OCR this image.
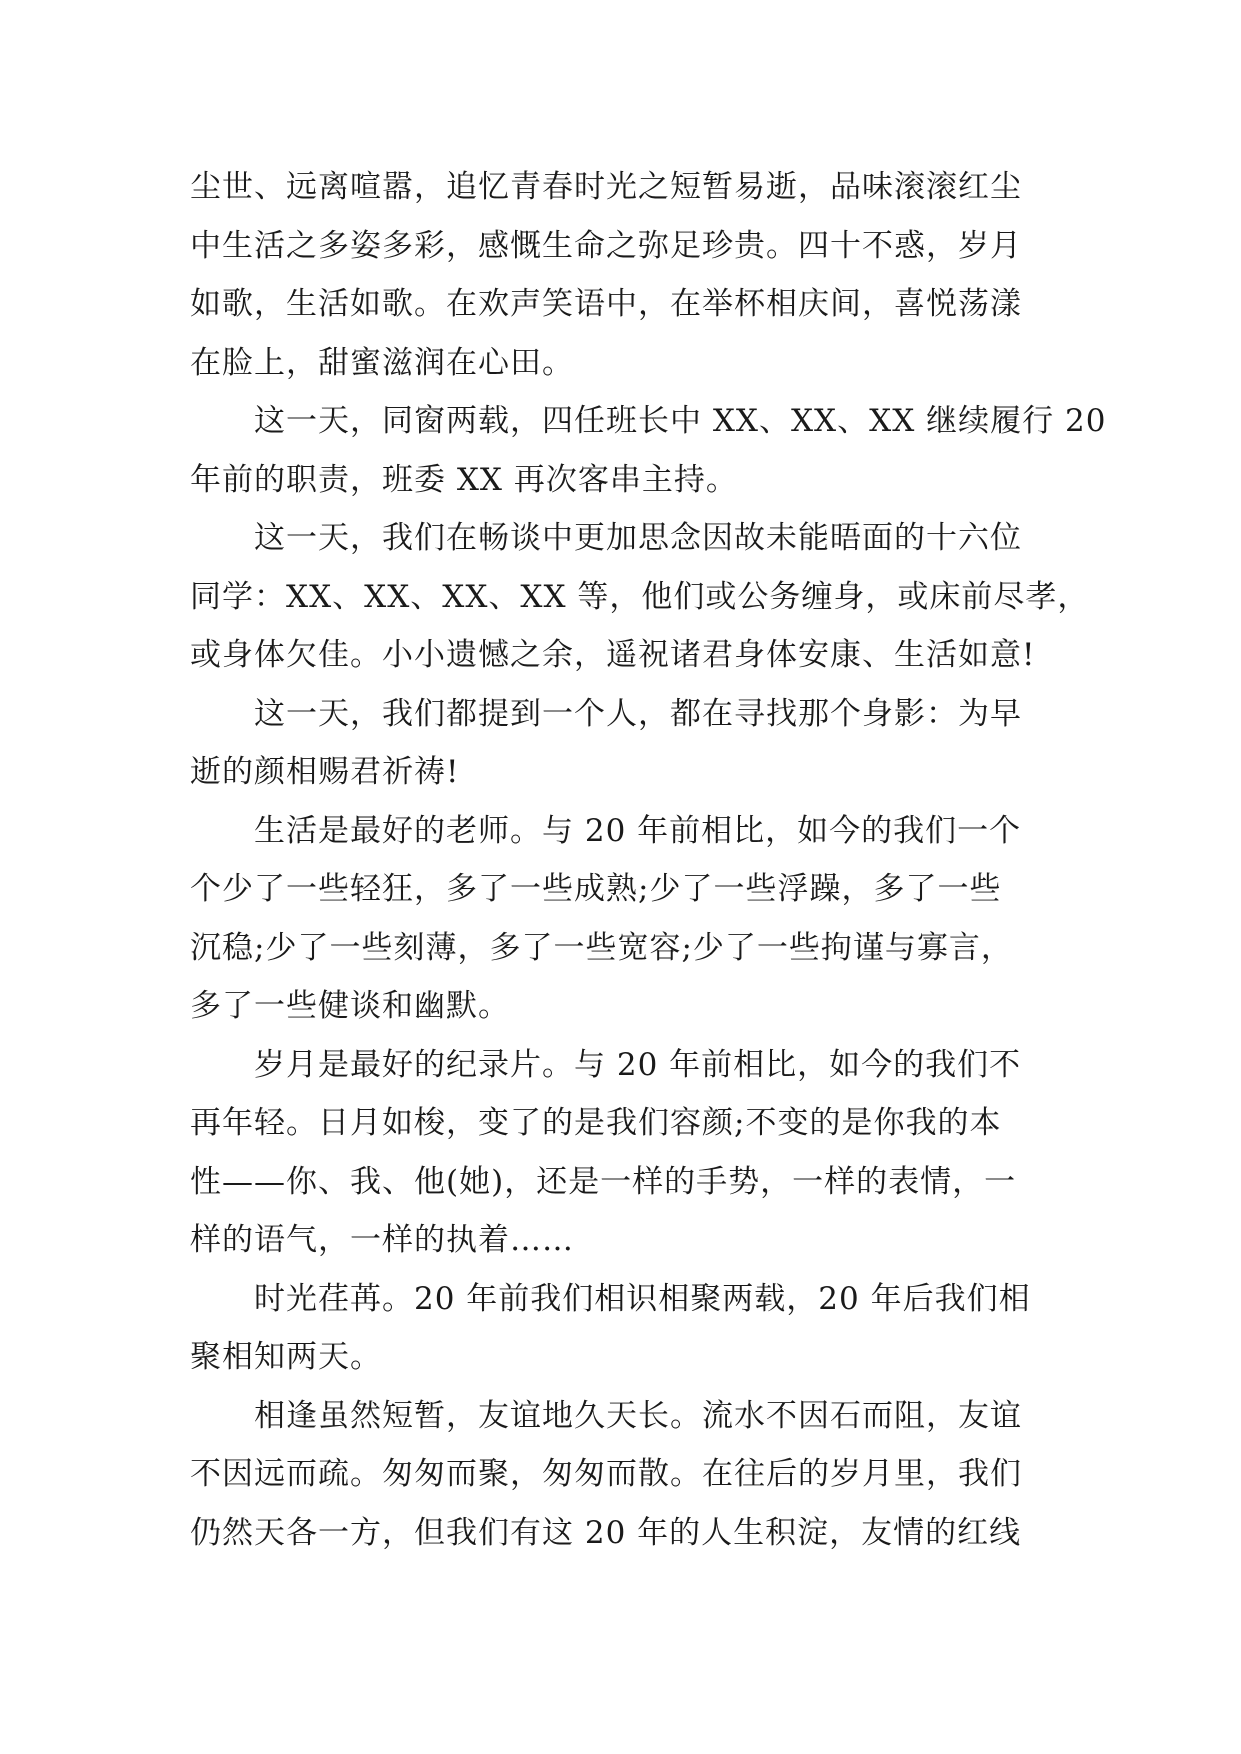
尘世、远离喧嚣，追忆青春时光之短暂易逝，品味滚滚红尘
中生活之多姿多彩，感慨生命之弥足珍贵。四十不惑，岁月
如歌，生活如歌。在欢声笑语中，在举杯相庆间，喜悦荡漾
在脸上，甜蜜滋润在心田。
这一天，同窗两载，四任班长中 XX、XX、XX 继续履行 20
年前的职责，班委 XX 再次客串主持。
这一天，我们在畅谈中更加思念因故未能晤面的十六位
同学：XX、XX、XX、XX 等，他们或公务缠身，或床前尽孝，
或身体欠佳。小小遗憾之余，遥祝诸君身体安康、生活如意!
这一天，我们都提到一个人，都在寻找那个身影：为早
逝的颜相赐君祈祷!
生活是最好的老师。与 20 年前相比，如今的我们一个
个少了一些轻狂，多了一些成熟;少了一些浮躁，多了一些
沉稳;少了一些刻薄，多了一些宽容;少了一些拘谨与寡言，
多了一些健谈和幽默。
岁月是最好的纪录片。与 20 年前相比，如今的我们不
再年轻。日月如梭，变了的是我们容颜;不变的是你我的本
性——你、我、他(她)，还是一样的手势，一样的表情，一
样的语气，一样的执着……
时光荏苒。20 年前我们相识相聚两载，20 年后我们相
聚相知两天。
相逢虽然短暂，友谊地久天长。流水不因石而阻，友谊
不因远而疏。匆匆而聚，匆匆而散。在往后的岁月里，我们
仍然天各一方，但我们有这 20 年的人生积淀，友情的红线
